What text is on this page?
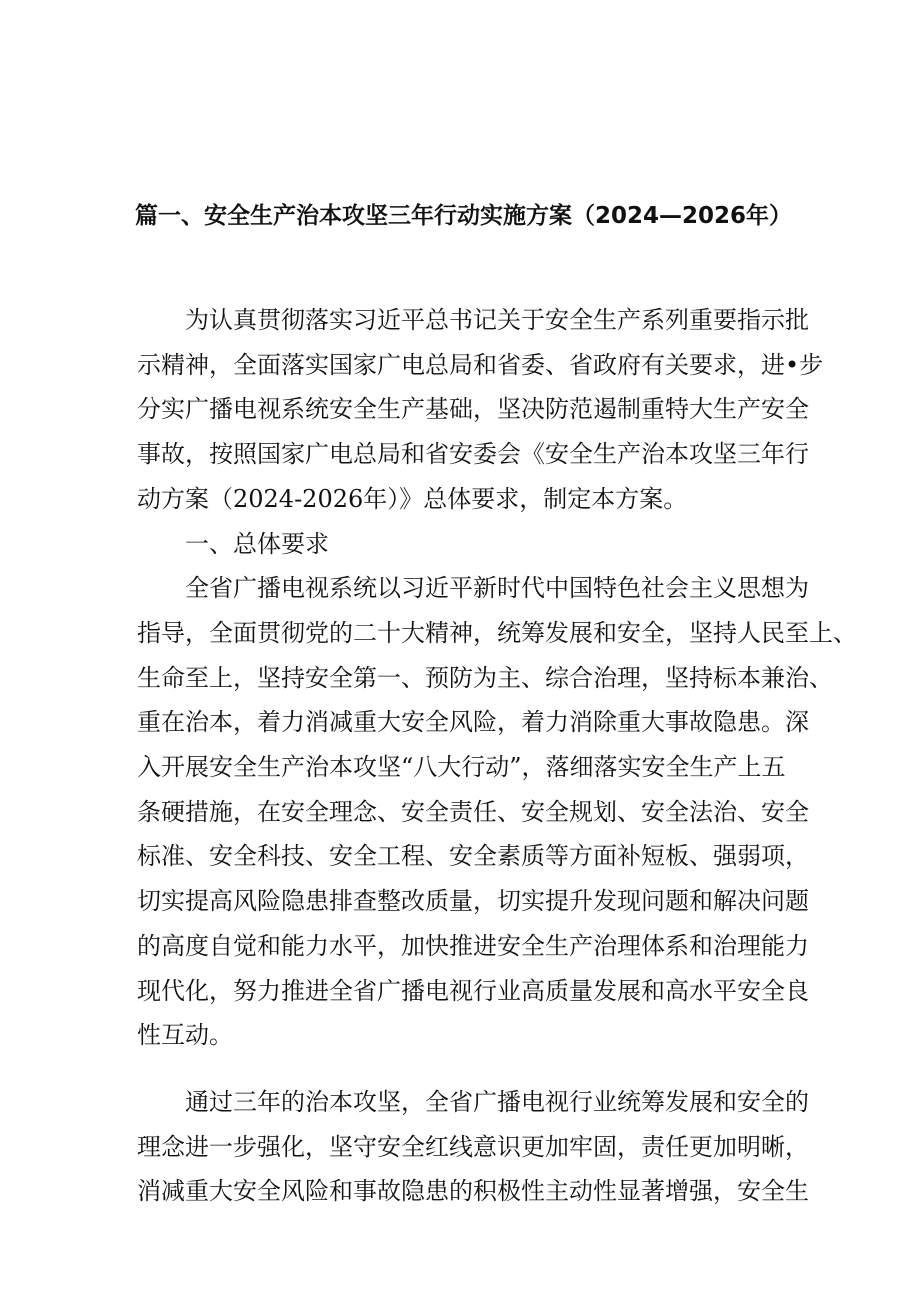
篇一、安全生产治本攻坚三年行动实施方案（2024—2026年）
为认真贯彻落实习近平总书记关于安全生产系列重要指示批
示精神，全面落实国家广电总局和省委、省政府有关要求，进•步
分实广播电视系统安全生产基础，坚决防范遏制重特大生产安全
事故，按照国家广电总局和省安委会《安全生产治本攻坚三年行
动方案（2024-2026年）》总体要求，制定本方案。
一、总体要求
全省广播电视系统以习近平新时代中国特色社会主义思想为
指导，全面贯彻党的二十大精神，统筹发展和安全，坚持人民至上、
生命至上，坚持安全第一、预防为主、综合治理，坚持标本兼治、
重在治本，着力消减重大安全风险，着力消除重大事故隐患。深
入开展安全生产治本攻坚“八大行动”，落细落实安全生产上五
条硬措施，在安全理念、安全责任、安全规划、安全法治、安全
标准、安全科技、安全工程、安全素质等方面补短板、强弱项，
切实提高风险隐患排查整改质量，切实提升发现问题和解决问题
的高度自觉和能力水平，加快推进安全生产治理体系和治理能力
现代化，努力推进全省广播电视行业高质量发展和高水平安全良
性互动。
通过三年的治本攻坚，全省广播电视行业统筹发展和安全的
理念进一步强化，坚守安全红线意识更加牢固，责任更加明晰，
消减重大安全风险和事故隐患的积极性主动性显著增强，安全生
